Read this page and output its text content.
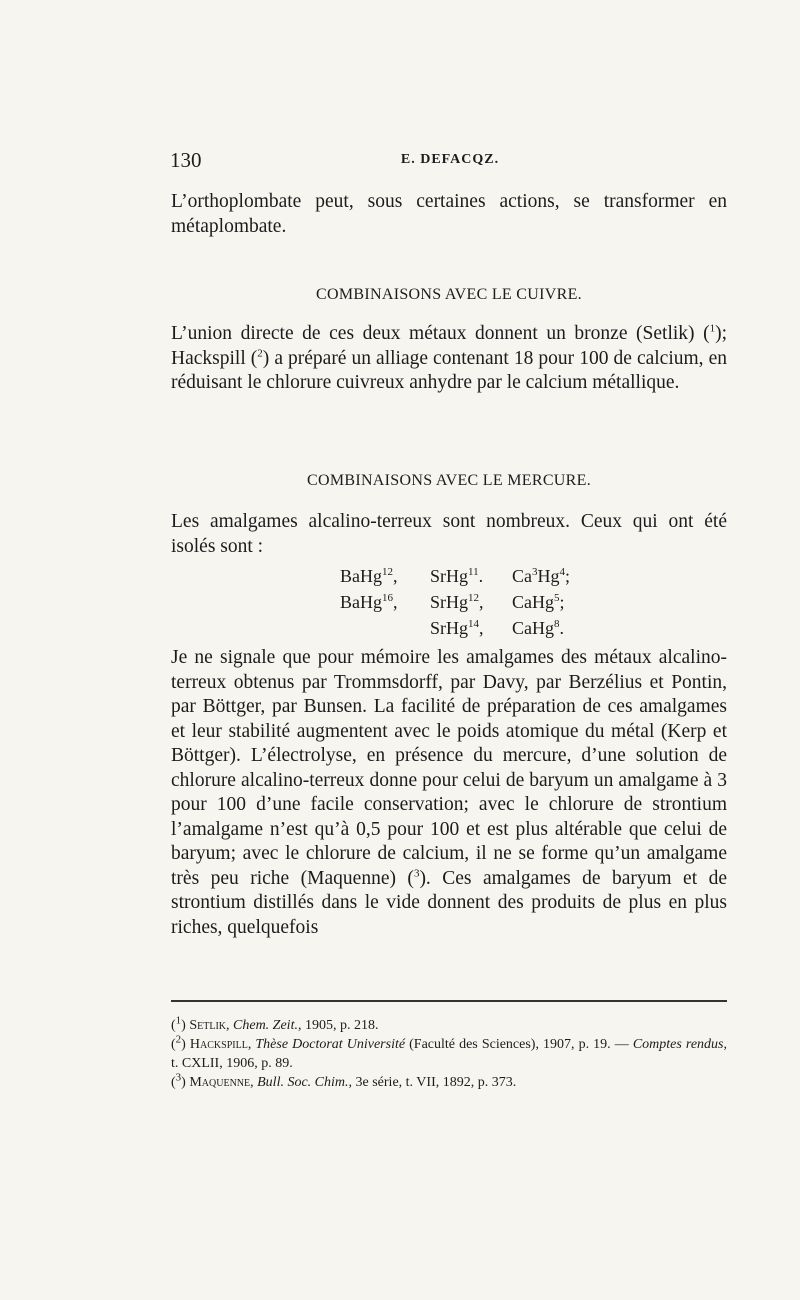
130	E. DEFACQZ.

L’orthoplombate peut, sous certaines actions, se transformer en métaplombate.

COMBINAISONS AVEC LE CUIVRE.

L’union directe de ces deux métaux donnent un bronze (Setlik) ($^1$); Hackspill ($^2$) a préparé un alliage contenant 18 pour 100 de calcium, en réduisant le chlorure cuivreux anhydre par le calcium métallique.

COMBINAISONS AVEC LE MERCURE.

Les amalgames alcalino-terreux sont nombreux. Ceux qui ont été isolés sont :

BaHg$^{12}$, SrHg$^{11}$. Ca$^3$Hg$^4$;
BaHg$^{16}$, SrHg$^{12}$, CaHg$^5$;
SrHg$^{14}$, CaHg$^8$.

Je ne signale que pour mémoire les amalgames des métaux alcalino-terreux obtenus par Trommsdorff, par Davy, par Berzélius et Pontin, par Böttger, par Bunsen. La facilité de préparation de ces amalgames et leur stabilité augmentent avec le poids atomique du métal (Kerp et Böttger). L’électrolyse, en présence du mercure, d’une solution de chlorure alcalino-terreux donne pour celui de baryum un amalgame à 3 pour 100 d’une facile conservation; avec le chlorure de strontium l’amalgame n’est qu’à 0,5 pour 100 et est plus altérable que celui de baryum; avec le chlorure de calcium, il ne se forme qu’un amalgame très peu riche (Maquenne) ($^3$). Ces amalgames de baryum et de strontium distillés dans le vide donnent des produits de plus en plus riches, quelquefois

($^1$) Setlik, Chem. Zeit., 1905, p. 218.

($^2$) Hackspill, Thèse Doctorat Université (Faculté des Sciences), 1907, p. 19. — Comptes rendus, t. CXLII, 1906, p. 89.

($^3$) Maquenne, Bull. Soc. Chim., 3e série, t. VII, 1892, p. 373.
